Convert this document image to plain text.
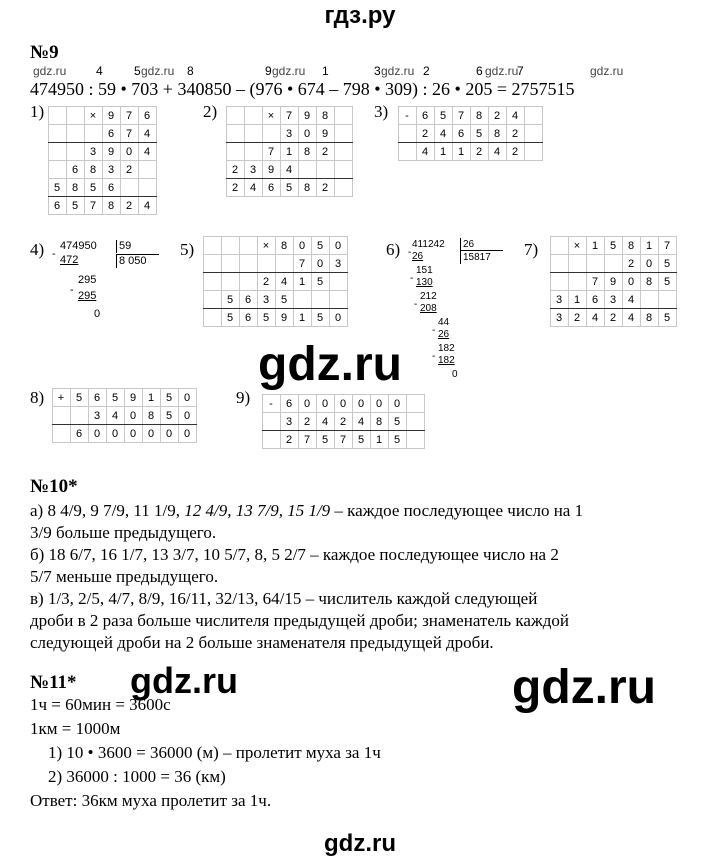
гдз.ру
№9
gdz.ru 4	5 gdz.ru 8	9 gdz.ru 1	3 gdz.ru 2	6 gdz.ru
7	gdz.ru
474950 : 59 • 703 + 340850 – (976 • 674 – 798 • 309) : 26 • 205 = 2757515
1)
			×	9	7	6
			6	7	4
		3	9	0	4
	6	8	3	2	
5	8	5	6		
6	5	7	8	2	4
2)
			×	7	9	8	
			3	0	9	
		7	1	8	2	
2	3	9	4			
2	4	6	5	8	2	
3) -	6	5	7	8	2	4	
	2	4	6	5	8	2	
	4	1	1	2	4	2	
4) 474950 59
8 050
- 472
295
- 295
0
5)
				×	8	0	5	0
					7	0	3
			2	4	1	5	
	5	6	3	5			
	5	6	5	9	1	5	0
6) 411242	26
15817
- 26
151
- 130
212
- 208
44
- 26
182
- 182
0
7)
		×	1	5	8	1	7
				2	0	5
		7	9	0	8	5
3	1	6	3	4		
3	2	4	2	4	8	5
gdz.ru
8) +	5	6	5	9	1	5	0
		3	4	0	8	5	0
	6	0	0	0	0	0	0
9) -	6	0	0	0	0	0	0	
	3	2	4	2	4	8	5	
	2	7	5	7	5	1	5	
№10*
а) 8 4/9, 9 7/9, 11 1/9, 12 4/9, 13 7/9, 15 1/9 – каждое последующее число на 1
3/9 больше предыдущего.
б) 18 6/7, 16 1/7, 13 3/7, 10 5/7, 8, 5 2/7 – каждое последующее число на 2
5/7 меньше предыдущего.
в) 1/3, 2/5, 4/7, 8/9, 16/11, 32/13, 64/15 – числитель каждой следующей
дроби в 2 раза больше числителя предыдущей дроби; знаменатель каждой
следующей дроби на 2 больше знаменателя предыдущей дроби.
№11* gdz.ru	gdz.ru
1ч = 60мин = 3600с
1км = 1000м
1) 10 • 3600 = 36000 (м) – пролетит муха за 1ч
2) 36000 : 1000 = 36 (км)
Ответ: 36км муха пролетит за 1ч.
gdz.ru
